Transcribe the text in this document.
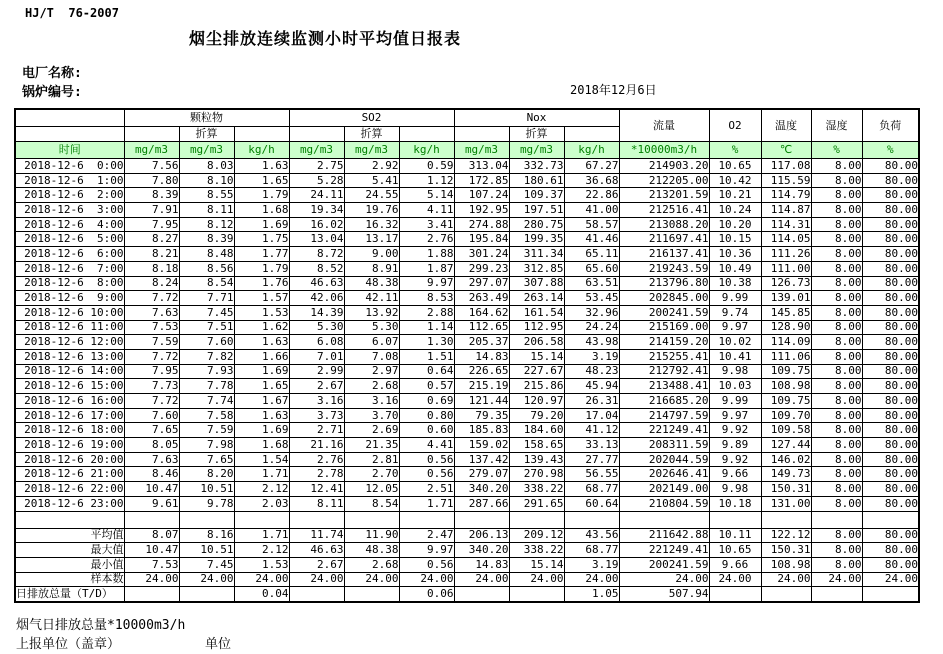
HJ/T  76-2007
烟尘排放连续监测小时平均值日报表
电厂名称:
锅炉编号:	2018年12月6日
	颗粒物			SO2			Nox			流量	O2	温度	湿度	负荷
		折算			折算			折算						
时间	mg/m3	mg/m3	kg/h	mg/m3	mg/m3	kg/h	mg/m3	mg/m3	kg/h	*10000m3/h	%	℃	%	%
2018-12-6  0:00	7.56	8.03	1.63	2.75	2.92	0.59	313.04	332.73	67.27	214903.20	10.65	117.08	8.00	80.00
2018-12-6  1:00	7.80	8.10	1.65	5.28	5.41	1.12	172.85	180.61	36.68	212205.00	10.42	115.59	8.00	80.00
2018-12-6  2:00	8.39	8.55	1.79	24.11	24.55	5.14	107.24	109.37	22.86	213201.59	10.21	114.79	8.00	80.00
2018-12-6  3:00	7.91	8.11	1.68	19.34	19.76	4.11	192.95	197.51	41.00	212516.41	10.24	114.87	8.00	80.00
2018-12-6  4:00	7.95	8.12	1.69	16.02	16.32	3.41	274.88	280.75	58.57	213088.20	10.20	114.31	8.00	80.00
2018-12-6  5:00	8.27	8.39	1.75	13.04	13.17	2.76	195.84	199.35	41.46	211697.41	10.15	114.05	8.00	80.00
2018-12-6  6:00	8.21	8.48	1.77	8.72	9.00	1.88	301.24	311.34	65.11	216137.41	10.36	111.26	8.00	80.00
2018-12-6  7:00	8.18	8.56	1.79	8.52	8.91	1.87	299.23	312.85	65.60	219243.59	10.49	111.00	8.00	80.00
2018-12-6  8:00	8.24	8.54	1.76	46.63	48.38	9.97	297.07	307.88	63.51	213796.80	10.38	126.73	8.00	80.00
2018-12-6  9:00	7.72	7.71	1.57	42.06	42.11	8.53	263.49	263.14	53.45	202845.00	9.99	139.01	8.00	80.00
2018-12-6 10:00	7.63	7.45	1.53	14.39	13.92	2.88	164.62	161.54	32.96	200241.59	9.74	145.85	8.00	80.00
2018-12-6 11:00	7.53	7.51	1.62	5.30	5.30	1.14	112.65	112.95	24.24	215169.00	9.97	128.90	8.00	80.00
2018-12-6 12:00	7.59	7.60	1.63	6.08	6.07	1.30	205.37	206.58	43.98	214159.20	10.02	114.09	8.00	80.00
2018-12-6 13:00	7.72	7.82	1.66	7.01	7.08	1.51	14.83	15.14	3.19	215255.41	10.41	111.06	8.00	80.00
2018-12-6 14:00	7.95	7.93	1.69	2.99	2.97	0.64	226.65	227.67	48.23	212792.41	9.98	109.75	8.00	80.00
2018-12-6 15:00	7.73	7.78	1.65	2.67	2.68	0.57	215.19	215.86	45.94	213488.41	10.03	108.98	8.00	80.00
2018-12-6 16:00	7.72	7.74	1.67	3.16	3.16	0.69	121.44	120.97	26.31	216685.20	9.99	109.75	8.00	80.00
2018-12-6 17:00	7.60	7.58	1.63	3.73	3.70	0.80	79.35	79.20	17.04	214797.59	9.97	109.70	8.00	80.00
2018-12-6 18:00	7.65	7.59	1.69	2.71	2.69	0.60	185.83	184.60	41.12	221249.41	9.92	109.58	8.00	80.00
2018-12-6 19:00	8.05	7.98	1.68	21.16	21.35	4.41	159.02	158.65	33.13	208311.59	9.89	127.44	8.00	80.00
2018-12-6 20:00	7.63	7.65	1.54	2.76	2.81	0.56	137.42	139.43	27.77	202044.59	9.92	146.02	8.00	80.00
2018-12-6 21:00	8.46	8.20	1.71	2.78	2.70	0.56	279.07	270.98	56.55	202646.41	9.66	149.73	8.00	80.00
2018-12-6 22:00	10.47	10.51	2.12	12.41	12.05	2.51	340.20	338.22	68.77	202149.00	9.98	150.31	8.00	80.00
2018-12-6 23:00	9.61	9.78	2.03	8.11	8.54	1.71	287.66	291.65	60.64	210804.59	10.18	131.00	8.00	80.00

平均值	8.07	8.16	1.71	11.74	11.90	2.47	206.13	209.12	43.56	211642.88	10.11	122.12	8.00	80.00
最大值	10.47	10.51	2.12	46.63	48.38	9.97	340.20	338.22	68.77	221249.41	10.65	150.31	8.00	80.00
最小值	7.53	7.45	1.53	2.67	2.68	0.56	14.83	15.14	3.19	200241.59	9.66	108.98	8.00	80.00
样本数	24.00	24.00	24.00	24.00	24.00	24.00	24.00	24.00	24.00	24.00	24.00	24.00	24.00	24.00
日排放总量（T/D）			0.04			0.06			1.05	507.94				
烟气日排放总量*10000m3/h
上报单位（盖章）	单位
